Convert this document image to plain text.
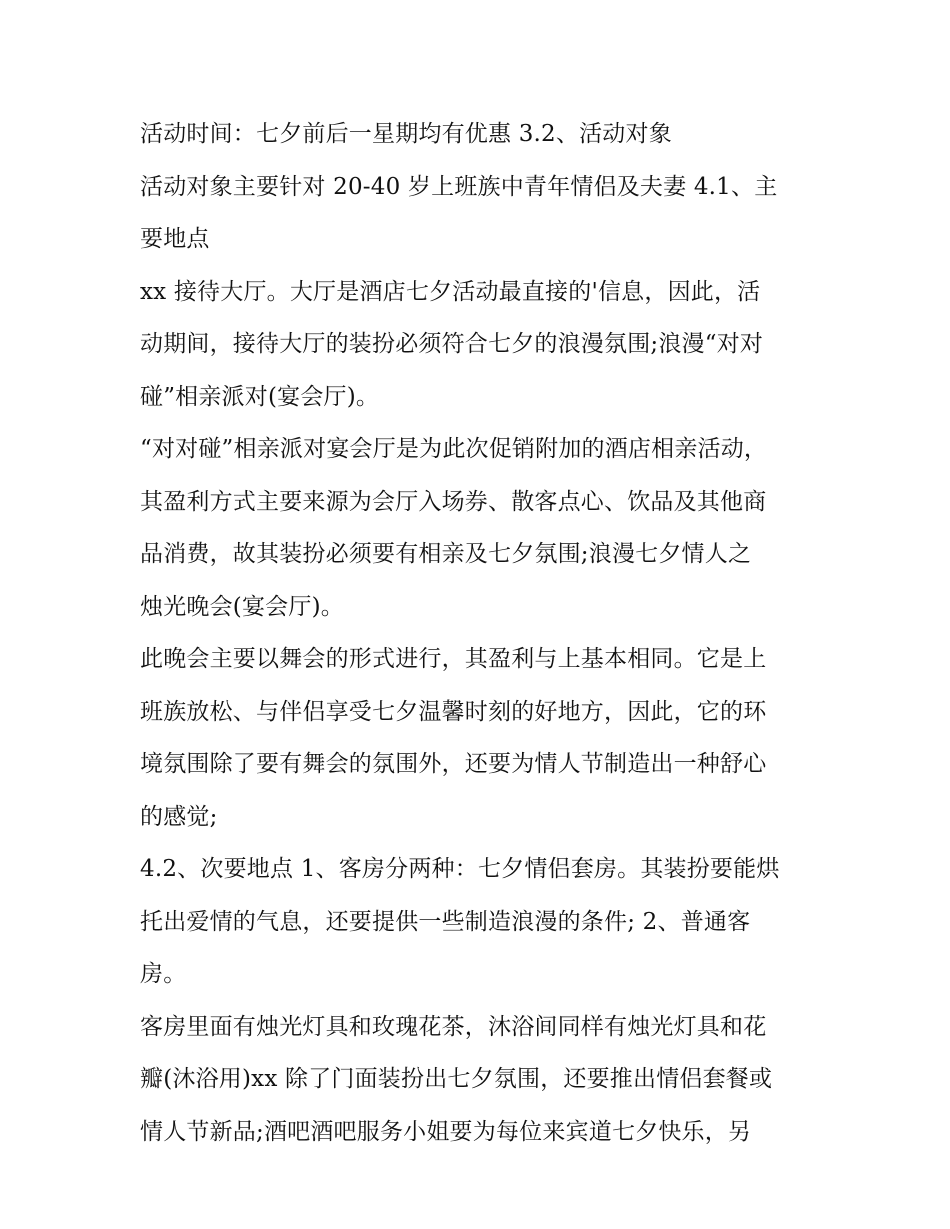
活动时间：七夕前后一星期均有优惠 3.2、活动对象
活动对象主要针对 20-40 岁上班族中青年情侣及夫妻 4.1、主
要地点
xx 接待大厅。大厅是酒店七夕活动最直接的'信息，因此，活
动期间，接待大厅的装扮必须符合七夕的浪漫氛围;浪漫“对对
碰”相亲派对(宴会厅)。
“对对碰”相亲派对宴会厅是为此次促销附加的酒店相亲活动，
其盈利方式主要来源为会厅入场券、散客点心、饮品及其他商
品消费，故其装扮必须要有相亲及七夕氛围;浪漫七夕情人之
烛光晚会(宴会厅)。
此晚会主要以舞会的形式进行，其盈利与上基本相同。它是上
班族放松、与伴侣享受七夕温馨时刻的好地方，因此，它的环
境氛围除了要有舞会的氛围外，还要为情人节制造出一种舒心
的感觉;
4.2、次要地点 1、客房分两种：七夕情侣套房。其装扮要能烘
托出爱情的气息，还要提供一些制造浪漫的条件; 2、普通客
房。
客房里面有烛光灯具和玫瑰花茶，沐浴间同样有烛光灯具和花
瓣(沐浴用)xx 除了门面装扮出七夕氛围，还要推出情侣套餐或
情人节新品;酒吧酒吧服务小姐要为每位来宾道七夕快乐，另
